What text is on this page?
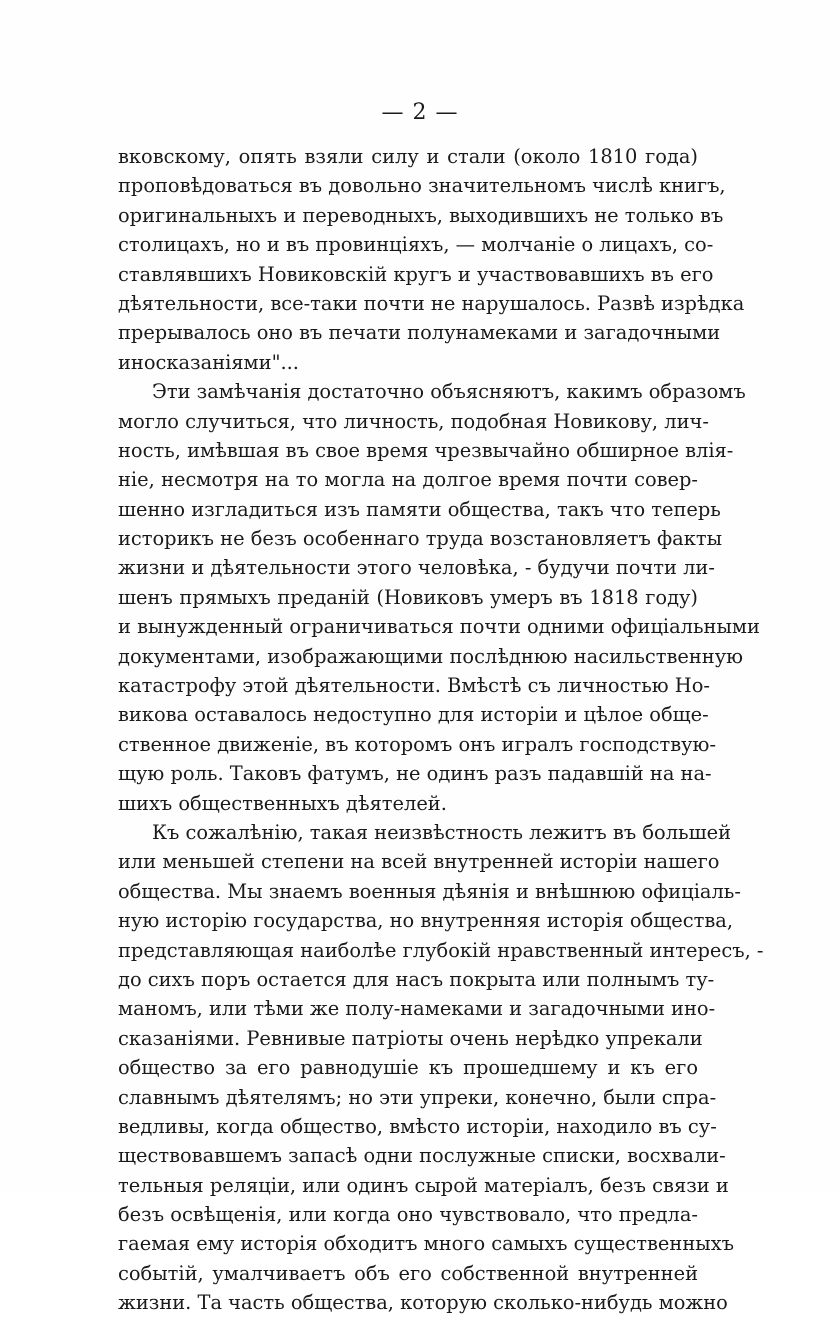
— 2 —
вковскому, опять взяли силу и стали (около 1810 года)
проповѣдоваться въ довольно значительномъ числѣ книгъ,
оригинальныхъ и переводныхъ, выходившихъ не только въ
столицахъ, но и въ провинціяхъ, — молчаніе о лицахъ, со-
ставлявшихъ Новиковскій кругъ и участвовавшихъ въ его
дѣятельности, все-таки почти не нарушалось. Развѣ изрѣдка
прерывалось оно въ печати полунамеками и загадочными
иносказаніями"...
Эти замѣчанія достаточно объясняютъ, какимъ образомъ
могло случиться, что личность, подобная Новикову, лич-
ность, имѣвшая въ свое время чрезвычайно обширное влія-
ніе, несмотря на то могла на долгое время почти совер-
шенно изгладиться изъ памяти общества, такъ что теперь
историкъ не безъ особеннаго труда возстановляетъ факты
жизни и дѣятельности этого человѣка, - будучи почти ли-
шенъ прямыхъ преданій (Новиковъ умеръ въ 1818 году)
и вынужденный ограничиваться почти одними офиціальными
документами, изображающими послѣднюю насильственную
катастрофу этой дѣятельности. Вмѣстѣ съ личностью Но-
викова оставалось недоступно для исторіи и цѣлое обще-
ственное движеніе, въ которомъ онъ игралъ господствую-
щую роль. Таковъ фатумъ, не одинъ разъ падавшій на на-
шихъ общественныхъ дѣятелей.
Къ сожалѣнію, такая неизвѣстность лежитъ въ большей
или меньшей степени на всей внутренней исторіи нашего
общества. Мы знаемъ военныя дѣянія и внѣшнюю офиціаль-
ную исторію государства, но внутренняя исторія общества,
представляющая наиболѣе глубокій нравственный интересъ, -
до сихъ поръ остается для насъ покрыта или полнымъ ту-
маномъ, или тѣми же полу-намеками и загадочными ино-
сказаніями. Ревнивые патріоты очень нерѣдко упрекали
общество за его равнодушіе къ прошедшему и къ его
славнымъ дѣятелямъ; но эти упреки, конечно, были спра-
ведливы, когда общество, вмѣсто исторіи, находило въ су-
ществовавшемъ запасѣ одни послужные списки, восхвали-
тельныя реляціи, или одинъ сырой матеріалъ, безъ связи и
безъ освѣщенія, или когда оно чувствовало, что предла-
гаемая ему исторія обходитъ много самыхъ существенныхъ
событій, умалчиваетъ объ его собственной внутренней
жизни. Та часть общества, которую сколько-нибудь можно
